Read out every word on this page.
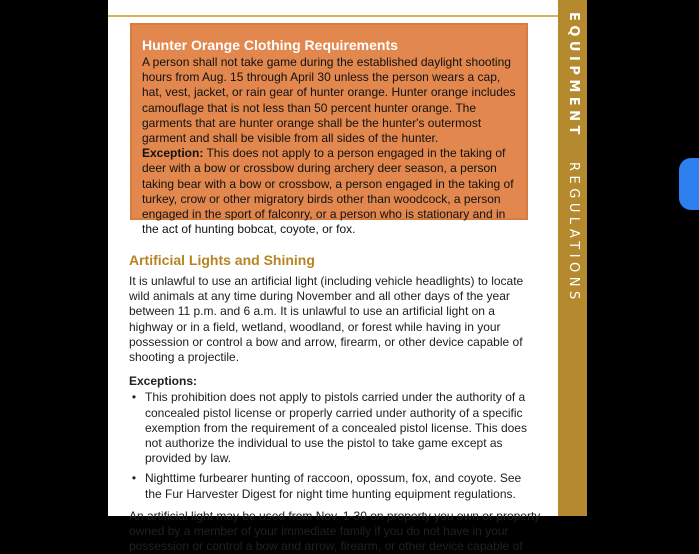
Hunter Orange Clothing Requirements

A person shall not take game during the established daylight shooting hours from Aug. 15 through April 30 unless the person wears a cap, hat, vest, jacket, or rain gear of hunter orange. Hunter orange includes camouflage that is not less than 50 percent hunter orange. The garments that are hunter orange shall be the hunter's outermost garment and shall be visible from all sides of the hunter.

Exception: This does not apply to a person engaged in the taking of deer with a bow or crossbow during archery deer season, a person taking bear with a bow or crossbow, a person engaged in the taking of turkey, crow or other migratory birds other than woodcock, a person engaged in the sport of falconry, or a person who is stationary and in the act of hunting bobcat, coyote, or fox.

Artificial Lights and Shining

It is unlawful to use an artificial light (including vehicle headlights) to locate wild animals at any time during November and all other days of the year between 11 p.m. and 6 a.m. It is unlawful to use an artificial light on a highway or in a field, wetland, woodland, or forest while having in your possession or control a bow and arrow, firearm, or other device capable of shooting a projectile.

Exceptions:

• This prohibition does not apply to pistols carried under the authority of a concealed pistol license or properly carried under authority of a specific exemption from the requirement of a concealed pistol license. This does not authorize the individual to use the pistol to take game except as provided by law.
• Nighttime furbearer hunting of raccoon, opossum, fox, and coyote. See the Fur Harvester Digest for night time hunting equipment regulations.

An artificial light may be used from Nov. 1-30 on property you own or property owned by a member of your immediate family if you do not have in your possession or control a bow and arrow, firearm, or other device capable of

EQUIPMENT REGULATIONS
